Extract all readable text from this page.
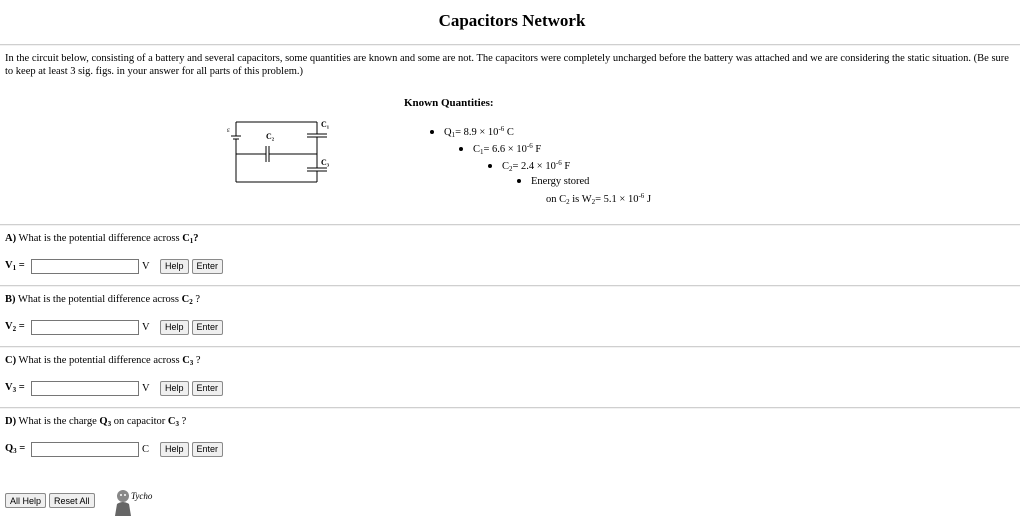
Capacitors Network
In the circuit below, consisting of a battery and several capacitors, some quantities are known and some are not. The capacitors were completely uncharged before the battery was attached and we are considering the static situation. (Be sure to keep at least 3 sig. figs. in your answer for all parts of this problem.)
ε
C₂
C₁
C₃
Known Quantities:
$Q_1= 8.9 \times 10^{-6}$ C
$C_1= 6.6 \times 10^{-6}$ F
$C_2= 2.4 \times 10^{-6}$ F
Energy stored
on $C_2$ is $W_2= 5.1 \times 10^{-6}$ J
A) What is the potential difference across $C_1$?
$V_1$ =	V	Help	Enter
B) What is the potential difference across $C_2$ ?
$V_2$ =	V	Help	Enter
C) What is the potential difference across $C_3$ ?
$V_3$ =	V	Help	Enter
D) What is the charge $Q_3$ on capacitor $C_3$ ?
$Q_3$ =	C	Help	Enter
All Help	Reset All	Tycho
